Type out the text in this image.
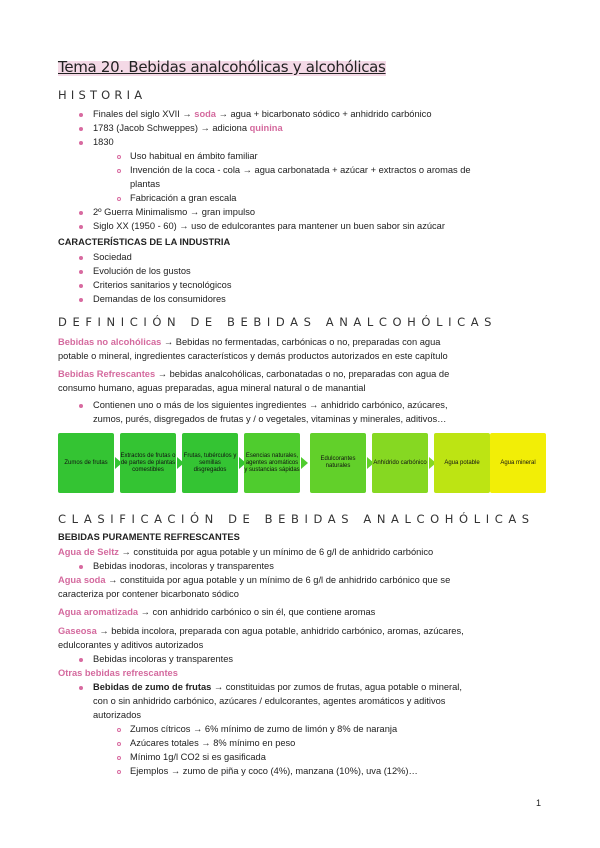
Tema 20. Bebidas analcohólicas y alcohólicas
HISTORIA
Finales del siglo XVII → soda → agua + bicarbonato sódico + anhidrido carbónico
1783 (Jacob Schweppes) → adiciona quinina
1830
Uso habitual en ámbito familiar
Invención de la coca - cola → agua carbonatada + azúcar + extractos o aromas de
plantas
Fabricación a gran escala
2º Guerra Minimalismo → gran impulso
Siglo XX (1950 - 60) → uso de edulcorantes para mantener un buen sabor sin azúcar
CARACTERÍSTICAS DE LA INDUSTRIA
Sociedad
Evolución de los gustos
Criterios sanitarios y tecnológicos
Demandas de los consumidores
DEFINICIÓN DE BEBIDAS ANALCOHÓLICAS
Bebidas no alcohólicas → Bebidas no fermentadas, carbónicas o no, preparadas con agua
potable o mineral, ingredientes característicos y demás productos autorizados en este capítulo
Bebidas Refrescantes → bebidas analcohólicas, carbonatadas o no, preparadas con agua de
consumo humano, aguas preparadas, agua mineral natural o de manantial
Contienen uno o más de los siguientes ingredientes → anhidrido carbónico, azúcares,
zumos, purés, disgregados de frutas y / o vegetales, vitaminas y minerales, aditivos…
Zumos de frutas
Extractos de frutas o de partes de plantas comestibles
Frutas, tubérculos y semillas disgregados
Esencias naturales, agentes aromáticos y sustancias sápidas
Edulcorantes naturales
Anhídrido carbónico	Agua potable	Agua mineral
CLASIFICACIÓN DE BEBIDAS ANALCOHÓLICAS
BEBIDAS PURAMENTE REFRESCANTES
Agua de Seltz → constituida por agua potable y un mínimo de 6 g/l de anhidrido carbónico
Bebidas inodoras, incoloras y transparentes
Agua soda → constituida por agua potable y un mínimo de 6 g/l de anhidrido carbónico que se
caracteriza por contener bicarbonato sódico
Agua aromatizada → con anhidrido carbónico o sin él, que contiene aromas
Gaseosa → bebida incolora, preparada con agua potable, anhidrido carbónico, aromas, azúcares,
edulcorantes y aditivos autorizados
Bebidas incoloras y transparentes
Otras bebidas refrescantes
Bebidas de zumo de frutas → constituidas por zumos de frutas, agua potable o mineral,
con o sin anhidrido carbónico, azúcares / edulcorantes, agentes aromáticos y aditivos
autorizados
Zumos cítricos → 6% mínimo de zumo de limón y 8% de naranja
Azúcares totales → 8% mínimo en peso
Mínimo 1g/l CO2 si es gasificada
Ejemplos → zumo de piña y coco (4%), manzana (10%), uva (12%)…
1
